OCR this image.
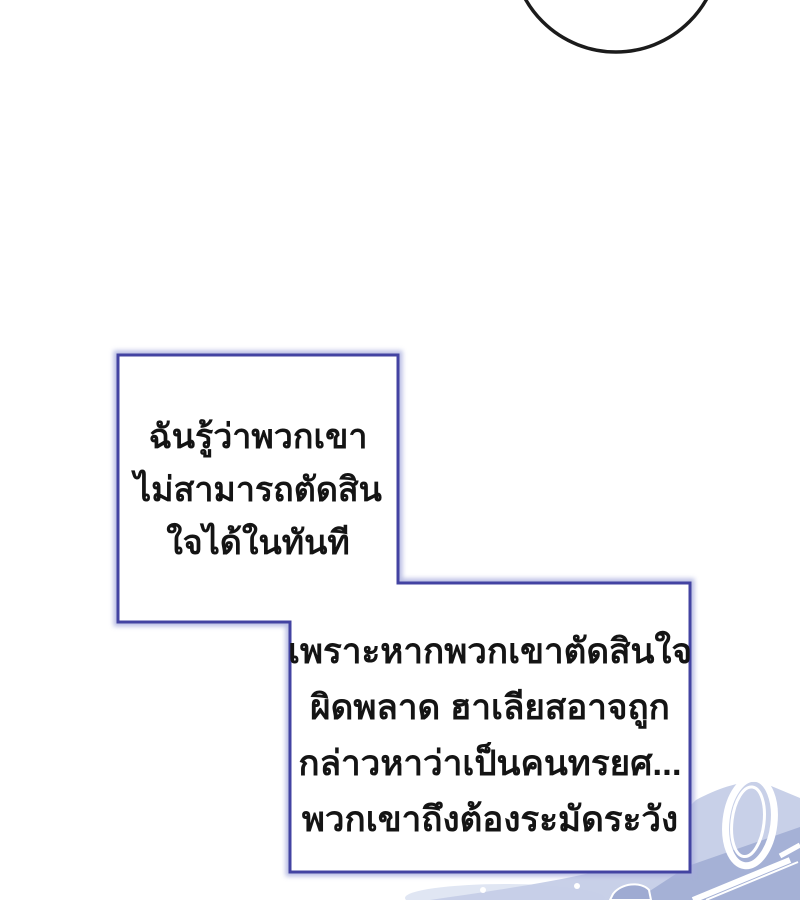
ฉันรู้ว่าพวกเขา
ไม่สามารถตัดสิน
ใจได้ในทันที
เพราะหากพวกเขาตัดสินใจ
ผิดพลาด ฮาเลียสอาจถูก
กล่าวหาว่าเป็นคนทรยศ...
พวกเขาถึงต้องระมัดระวัง
